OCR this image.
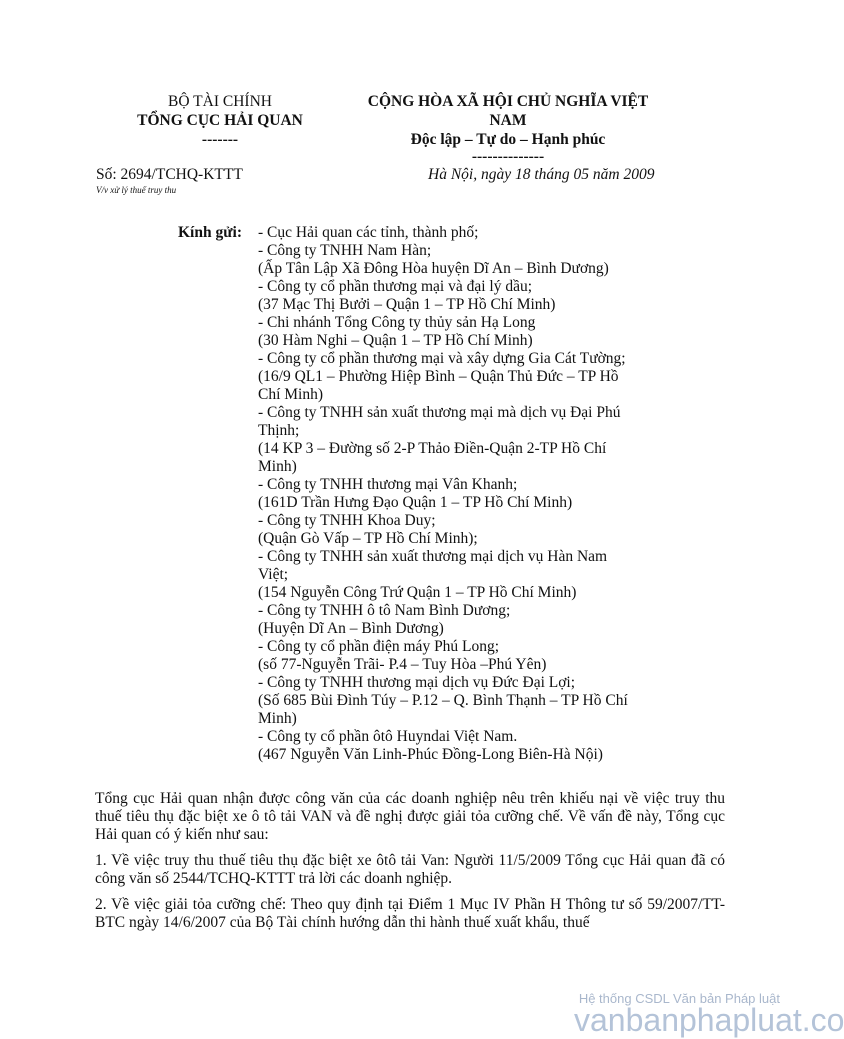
BỘ TÀI CHÍNH
TỔNG CỤC HẢI QUAN
-------
CỘNG HÒA XÃ HỘI CHỦ NGHĨA VIỆT
NAM
Độc lập – Tự do – Hạnh phúc
--------------
Số: 2694/TCHQ-KTTT
V/v xử lý thuế truy thu
Hà Nội, ngày 18 tháng 05 năm 2009
Kính gửi: - Cục Hải quan các tỉnh, thành phố;
- Công ty TNHH Nam Hàn;
(Ấp Tân Lập Xã Đông Hòa huyện Dĩ An – Bình Dương)
- Công ty cổ phần thương mại và đại lý dầu;
(37 Mạc Thị Bưởi – Quận 1 – TP Hồ Chí Minh)
- Chi nhánh Tổng Công ty thủy sản Hạ Long
(30 Hàm Nghi – Quận 1 – TP Hồ Chí Minh)
- Công ty cổ phần thương mại và xây dựng Gia Cát Tường;
(16/9 QL1 – Phường Hiệp Bình – Quận Thủ Đức – TP Hồ
Chí Minh)
- Công ty TNHH sản xuất thương mại mà dịch vụ Đại Phú
Thịnh;
(14 KP 3 – Đường số 2-P Thảo Điền-Quận 2-TP Hồ Chí
Minh)
- Công ty TNHH thương mại Vân Khanh;
(161D Trần Hưng Đạo Quận 1 – TP Hồ Chí Minh)
- Công ty TNHH Khoa Duy;
(Quận Gò Vấp – TP Hồ Chí Minh);
- Công ty TNHH sản xuất thương mại dịch vụ Hàn Nam
Việt;
(154 Nguyễn Công Trứ Quận 1 – TP Hồ Chí Minh)
- Công ty TNHH ô tô Nam Bình Dương;
(Huyện Dĩ An – Bình Dương)
- Công ty cổ phần điện máy Phú Long;
(số 77-Nguyễn Trãi- P.4 – Tuy Hòa –Phú Yên)
- Công ty TNHH thương mại dịch vụ Đức Đại Lợi;
(Số 685 Bùi Đình Túy – P.12 – Q. Bình Thạnh – TP Hồ Chí
Minh)
- Công ty cổ phần ôtô Huyndai Việt Nam.
(467 Nguyễn Văn Linh-Phúc Đồng-Long Biên-Hà Nội)

Tổng cục Hải quan nhận được công văn của các doanh nghiệp nêu trên khiếu nại về việc truy thu thuế tiêu thụ đặc biệt xe ô tô tải VAN và đề nghị được giải tỏa cưỡng chế. Về vấn đề này, Tổng cục Hải quan có ý kiến như sau:

1. Về việc truy thu thuế tiêu thụ đặc biệt xe ôtô tải Van: Người 11/5/2009 Tổng cục Hải quan đã có công văn số 2544/TCHQ-KTTT trả lời các doanh nghiệp.

2. Về việc giải tỏa cưỡng chế: Theo quy định tại Điểm 1 Mục IV Phần H Thông tư số 59/2007/TT-BTC ngày 14/6/2007 của Bộ Tài chính hướng dẫn thi hành thuế xuất khẩu, thuế

Hệ thống CSDL Văn bản Pháp luật
vanbanphapluat.co
